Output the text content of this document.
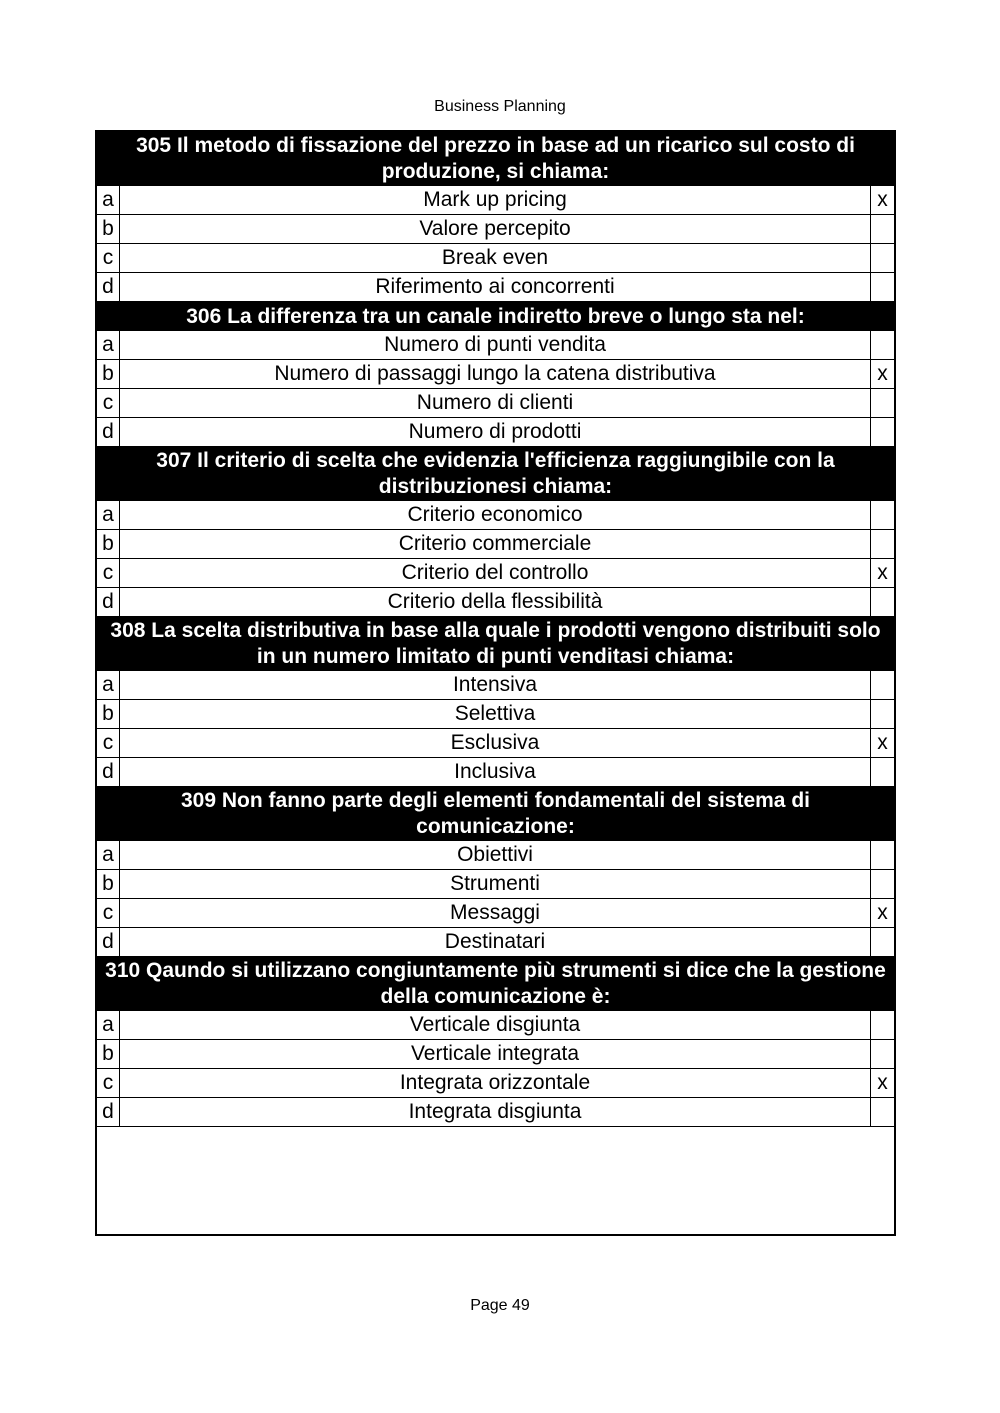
Business Planning
305 Il metodo di fissazione del prezzo in base ad un ricarico sul costo di produzione, si chiama:
a	Mark up pricing	x
b	Valore percepito
c	Break even
d	Riferimento ai concorrenti
306 La differenza tra un canale indiretto breve o lungo sta nel:
a	Numero di punti vendita
b	Numero di passaggi lungo la catena distributiva	x
c	Numero di clienti
d	Numero di prodotti
307 Il criterio di scelta che evidenzia l'efficienza raggiungibile con la distribuzionesi chiama:
a	Criterio economico
b	Criterio commerciale
c	Criterio del controllo	x
d	Criterio della flessibilità
308 La scelta distributiva in base alla quale i prodotti vengono distribuiti solo in un numero limitato di punti venditasi chiama:
a	Intensiva
b	Selettiva
c	Esclusiva	x
d	Inclusiva
309 Non fanno parte degli elementi fondamentali del sistema di comunicazione:
a	Obiettivi
b	Strumenti
c	Messaggi	x
d	Destinatari
310 Qaundo si utilizzano congiuntamente più strumenti si dice che la gestione della comunicazione è:
a	Verticale disgiunta
b	Verticale integrata
c	Integrata orizzontale	x
d	Integrata disgiunta
Page 49
